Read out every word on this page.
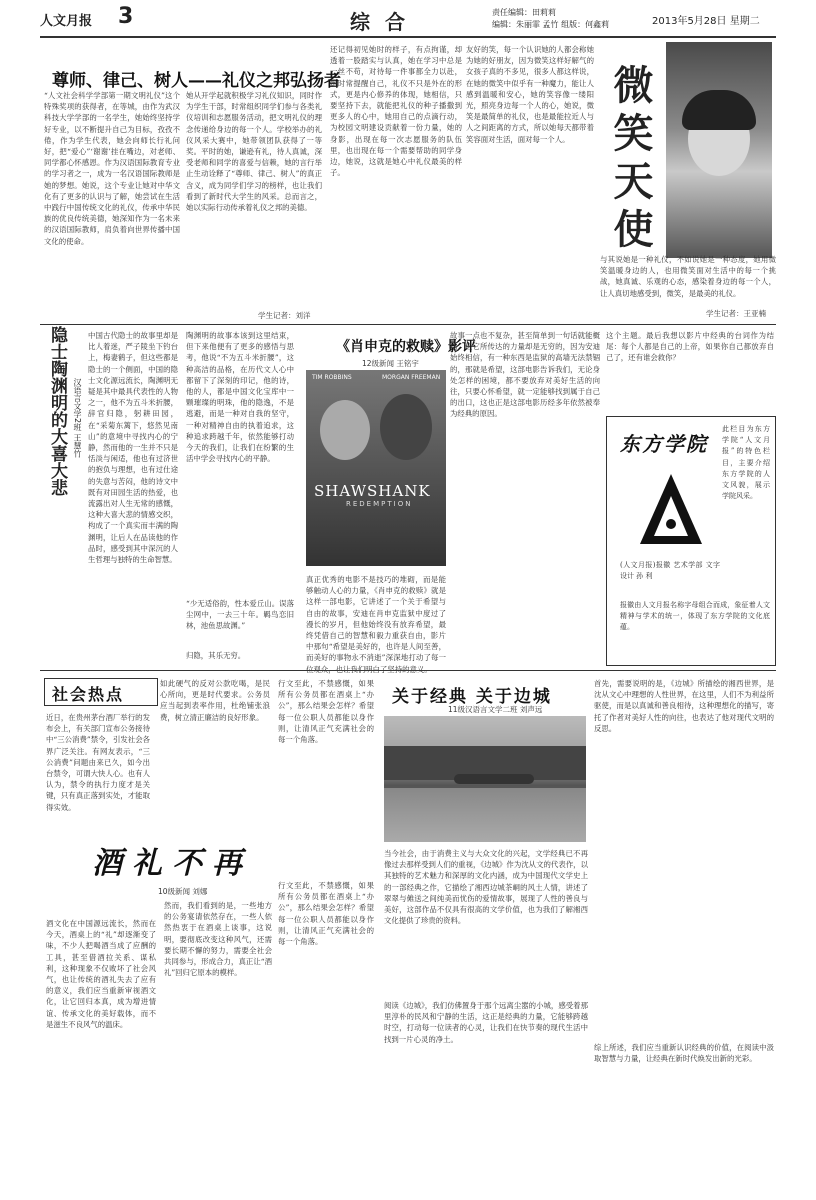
人文月报 3	综 合	责任编辑：田莉莉
编辑：朱丽霏 孟竹 组版：何鑫莉	2013年5月28日 星期二
尊师、律己、树人——礼仪之邦弘扬者
“人文社会科学学部第一期文明礼仪”这个特殊奖项的获得者，在等城，由作为武汉科技大学学部的一名学生，她始终坚持学好专业，以不断提升自己为目标，孜孜不倦，作为学生代表，她会向师长行礼问好，把“爱心”‘谢谢’挂在嘴边，对老师、同学都心怀感恩。作为汉语国际教育专业的学习者之一，成为一名汉语国际教师是她的梦想。她说，这个专业让她对中华文化有了更多的认识与了解，她尝试在生活中践行中国传统文化的礼仪，传承中华民族的优良传统美德，她深知作为一名未来的汉语国际教师，肩负着向世界传播中国文化的使命。
她从开学起就积极学习礼仪知识，同时作为学生干部，时常组织同学们参与各类礼仪培训和志愿服务活动，把文明礼仪的理念传递给身边的每一个人。学校举办的礼仪风采大赛中，她带领团队获得了一等奖。平时的她，谦逊有礼，待人真诚，深受老师和同学的喜爱与信赖，她的言行举止生动诠释了“尊师、律己、树人”的真正含义，成为同学们学习的榜样，也让我们看到了新时代大学生的风采。总而言之，她以实际行动传承着礼仪之邦的美德。
还记得初见她时的样子，有点拘谨，却透着一股踏实与认真，她在学习中总是一丝不苟，对待每一件事都全力以赴，她时常提醒自己，礼仪不只是外在的形式，更是内心修养的体现，她相信，只要坚持下去，就能把礼仪的种子播撒到更多人的心中，她用自己的点滴行动，为校园文明建设贡献着一份力量，她的身影，出现在每一次志愿服务的队伍里，也出现在每一个需要帮助的同学身边，她说，这就是她心中礼仪最美的样子。
友好的笑，每一个认识她的人都会称她为她的好朋友，因为微笑这样好解气的女孩子真的不多见，很多人都这样说，在她的微笑中似乎有一种魔力，能让人感到温暖和安心，她的笑容像一缕阳光，照亮身边每一个人的心，她说，微笑是最简单的礼仪，也是最能拉近人与人之间距离的方式，所以她每天都带着笑容面对生活，面对每一个人。
学生记者：刘洋
微笑天使
与其说她是一种礼仪，不如说她是一种态度，她用微笑温暖身边的人，也用微笑面对生活中的每一个挑战，她真诚、乐观的心态，感染着身边的每一个人，让人真切地感受到，微笑，是最美的礼仪。
学生记者：王亚楠
隐士陶渊明的大喜大悲 汉语言文学2班 王慧竹
中国古代隐士的故事里却是比人着迷，严子陵坐下钓台上，梅妻鹤子，但这些都是隐士的一个侧面，中国的隐士文化源远流长，陶渊明无疑是其中最具代表性的人物之一，他不为五斗米折腰，辞官归隐，躬耕田园，在“采菊东篱下，悠然见南山”的意境中寻找内心的宁静，然而他的一生并不只是恬淡与闲适，他也有过济世的抱负与理想，也有过仕途的失意与苦闷，他的诗文中既有对田园生活的热爱，也流露出对人生无常的感慨，这种大喜大悲的情感交织，构成了一个真实而丰满的陶渊明，让后人在品读他的作品时，感受到其中深沉的人生哲理与独特的生命智慧。
陶渊明的故事本该到这里结束，但下来他便有了更多的感悟与思考，他说“不为五斗米折腰”，这种高洁的品格，在历代文人心中都留下了深刻的印记，他的诗，他的人，都是中国文化宝库中一颗璀璨的明珠，他的隐逸，不是逃避，而是一种对自我的坚守，一种对精神自由的执着追求，这种追求跨越千年，依然能够打动今天的我们，让我们在纷繁的生活中学会寻找内心的平静。
“少无适俗韵，性本爱丘山。误落尘网中，一去三十年。羁鸟恋旧林，池鱼思故渊。”
归隐，其乐无穷。
《肖申克的救赎》影评
12级新闻 王铭宇
TIM ROBBINS	MORGAN FREEMAN
SHAWSHANK
REDEMPTION
真正优秀的电影不是技巧的堆砌，而是能够触动人心的力量，《肖申克的救赎》就是这样一部电影，它讲述了一个关于希望与自由的故事，安迪在肖申克监狱中度过了漫长的岁月，但他始终没有放弃希望，最终凭借自己的智慧和毅力重获自由，影片中那句“希望是美好的，也许是人间至善，而美好的事物永不消逝”深深地打动了每一
故事一点也不复杂，甚至简单到一句话就能概括，但它所传达的力量却是无穷的，因为安迪始终相信，有一种东西是监狱的高墙无法禁锢的，那就是希望，这部电影告诉我们，无论身处怎样的困境，都不要放弃对美好生活的向往，只要心怀希望，就一定能够找到属于自己的出口，这也正是这部电影历经多年依然被奉为经典的原因。
这个主题。最后我想以影片中经典的台词作为结尾：每个人都是自己的上帝，如果你自己都放弃自己了，还有谁会救你？
东方学院
此栏目为东方学院“人文月报”的特色栏目，主要介绍东方学院的人文风貌，展示学院风采。
(人文月报)报徽 艺术学部 文字设计 孙 利
报徽由人文月报名称字母组合而成，象征着人文精神与学术的统一，体现了东方学院的文化底蕴。
社会热点
近日，在贵州茅台酒厂举行的发布会上，有关部门宣布公务接待中“三公消费”禁令，引发社会各界广泛关注。有网友表示，“三公消费”问题由来已久，如今出台禁令，可谓大快人心。也有人认为，禁令的执行力度才是关键，只有真正落到实处，才能取得实效。
如此硬气的反对公款吃喝，是民心所向，更是时代要求。公务员应当起到表率作用，杜绝铺张浪费，树立清正廉洁的良好形象。
行文至此，不禁感慨，如果所有公务员都在酒桌上“办公”，那么结果会怎样？希望每一位公职人员都能以身作则，让清风正气充满社会的每一个角落。
酒礼不再
10级新闻 刘娜
酒文化在中国源远流长，然而在今天，酒桌上的“礼”却逐渐变了味，不少人把喝酒当成了应酬的工具，甚至借酒拉关系、谋私利，这种现象不仅败坏了社会风气，也让传统的酒礼失去了应有的意义，我们应当重新审视酒文化，让它回归本真，成为增进情谊、传承文化的美好载体，而不是滋生不良风气的温床。
然而，我们看到的是，一些地方的公务宴请依然存在，一些人依然热衷于在酒桌上谈事，这说明，要彻底改变这种风气，还需要长期不懈的努力，需要全社会共同参与，形成合力，真正让“酒礼”回归它原本的模样。
行文至此，不禁感慨，如果所有公务员都在酒桌上“办公”，那么结果会怎样？希望每一位公职人员都能以身作则，让清风正气充满社会的每一个角落。
关于经典 关于边城
11级汉语言文学二班 刘声远
当今社会，由于消费主义与大众文化的兴起，文学经典已不再像过去那样受到人们的重视，《边城》作为沈从文的代表作，以其独特的艺术魅力和深厚的文化内涵，成为中国现代文学史上的一部经典之作，它描绘了湘西边城茶峒的风土人情，讲述了翠翠与傩送之间纯美而忧伤的爱情故事，展现了人性的善良与美好，这部作品不仅具有很高的文学价值，也为我们了解湘西文化提供了珍贵的资料。
阅读《边城》，我们仿佛置身于那个远离尘嚣的小城，感受着那里淳朴的民风和宁静的生活，这正是经典的力量，它能够跨越时空，打动每一位读者的心灵，让我们在快节奏的现代生活中找到一片心灵的净土。
首先，需要说明的是，《边城》所描绘的湘西世界，是沈从文心中理想的人性世界，在这里，人们不为利益所驱使，而是以真诚和善良相待，这种理想化的描写，寄托了作者对美好人性的向往，也表达了他对现代文明的反思。
综上所述，我们应当重新认识经典的价值，在阅读中汲取智慧与力量，让经典在新时代焕发出新的光彩。
